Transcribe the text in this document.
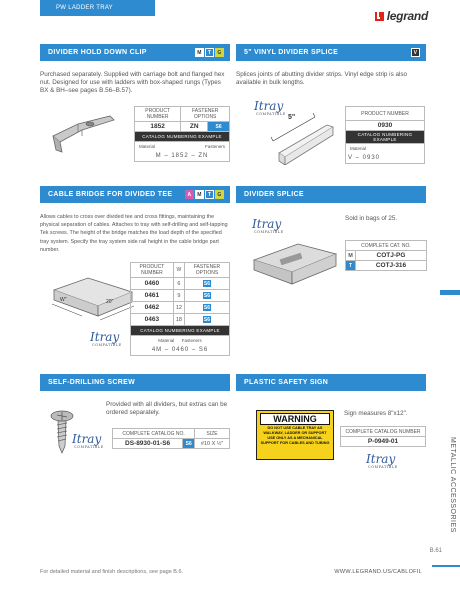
PW LADDER TRAY
legrand
DIVIDER HOLD DOWN CLIP	M	T	G
Purchased separately. Supplied with carriage bolt and flanged hex nut. Designed for use with ladders with box-shaped rungs (Types BX & BH–see pages B.56–B.57).
PRODUCT NUMBER	FASTENER OPTIONS	
1852	ZN	S6
CATALOG NUMBERING EXAMPLE		
Material Fasteners		

M – 1852 – ZN		
5" VINYL DIVIDER SPLICE	V
Splices joints of abutting divider strips. Vinyl edge strip is also available in bulk lengths.
Itray
COMPATIBLE 5"
PRODUCT NUMBER
0930
CATALOG NUMBERING EXAMPLE
Material
V – 0930
CABLE BRIDGE FOR DIVIDED TEE	A	M	T	G
Allows cables to cross over divided tee and cross fittings, maintaining the physical separation of cables. Attaches to tray with self-drilling and self-tapping Tek screws. The height of the bridge matches the load depth of the specified tray system. Specify the tray system side rail height in the cable bridge part number.
W"	20"
Itray
COMPATIBLE
PRODUCT NUMBER	W	FASTENER OPTIONS
0460	6	S6
0461	9	S6
0462	12	S6
0463	18	S6
CATALOG NUMBERING EXAMPLE		
Material Fasteners		
4M – 0460 – S6		
DIVIDER SPLICE
Itray
COMPATIBLE
Sold in bags of 25.
COMPLETE CAT. NO.	
M	COTJ-PG
T	COTJ-316
SELF-DRILLING SCREW
Provided with all dividers, but extras can be ordered separately.
Itray
COMPATIBLE
COMPLETE CATALOG NO.		SIZE
DS-8930-01-S6	S6	#10 X ½"
PLASTIC SAFETY SIGN
WARNING
DO NOT USE CABLE TRAY AS
WALKWAY, LADDER OR SUPPORT
USE ONLY AS A MECHANICAL
SUPPORT FOR CABLES AND TUBING
Sign measures 8"x12".
COMPLETE CATALOG NUMBER
P-0949-01
Itray
COMPATIBLE	METALLIC ACCESSORIES
B.61
For detailed material and finish descriptions, see page B.6.	WWW.LEGRAND.US/CABLOFIL
